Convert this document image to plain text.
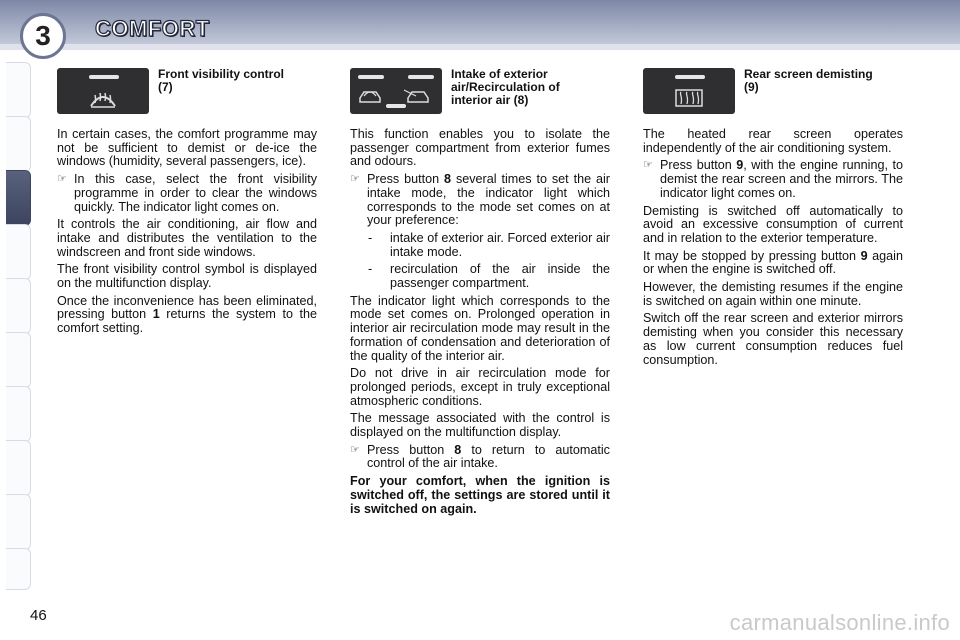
3	COMFORT
Front visibility control (7)

In certain cases, the comfort programme may not be sufficient to demist or de-ice the windows (humidity, several passengers, ice).

☞ In this case, select the front visibility programme in order to clear the windows quickly. The indicator light comes on.

It controls the air conditioning, air flow and intake and distributes the ventilation to the windscreen and front side windows.

The front visibility control symbol is displayed on the multifunction display.

Once the inconvenience has been eliminated, pressing button 1 returns the system to the comfort setting.

Intake of exterior air/Recirculation of interior air (8)

This function enables you to isolate the passenger compartment from exterior fumes and odours.

☞ Press button 8 several times to set the air intake mode, the indicator light which corresponds to the mode set comes on at your preference:
-	intake of exterior air. Forced exterior air intake mode.
-	recirculation of the air inside the passenger compartment.

The indicator light which corresponds to the mode set comes on. Prolonged operation in interior air recirculation mode may result in the formation of condensation and deterioration of the quality of the interior air.

Do not drive in air recirculation mode for prolonged periods, except in truly exceptional atmospheric conditions.

The message associated with the control is displayed on the multifunction display.

☞ Press button 8 to return to automatic control of the air intake.

For your comfort, when the ignition is switched off, the settings are stored until it is switched on again.

Rear screen demisting (9)

The heated rear screen operates independently of the air conditioning system.

☞ Press button 9, with the engine running, to demist the rear screen and the mirrors. The indicator light comes on.

Demisting is switched off automatically to avoid an excessive consumption of current and in relation to the exterior temperature.

It may be stopped by pressing button 9 again or when the engine is switched off.

However, the demisting resumes if the engine is switched on again within one minute.

Switch off the rear screen and exterior mirrors demisting when you consider this necessary as low current consumption reduces fuel consumption.

46	carmanualsonline.info
